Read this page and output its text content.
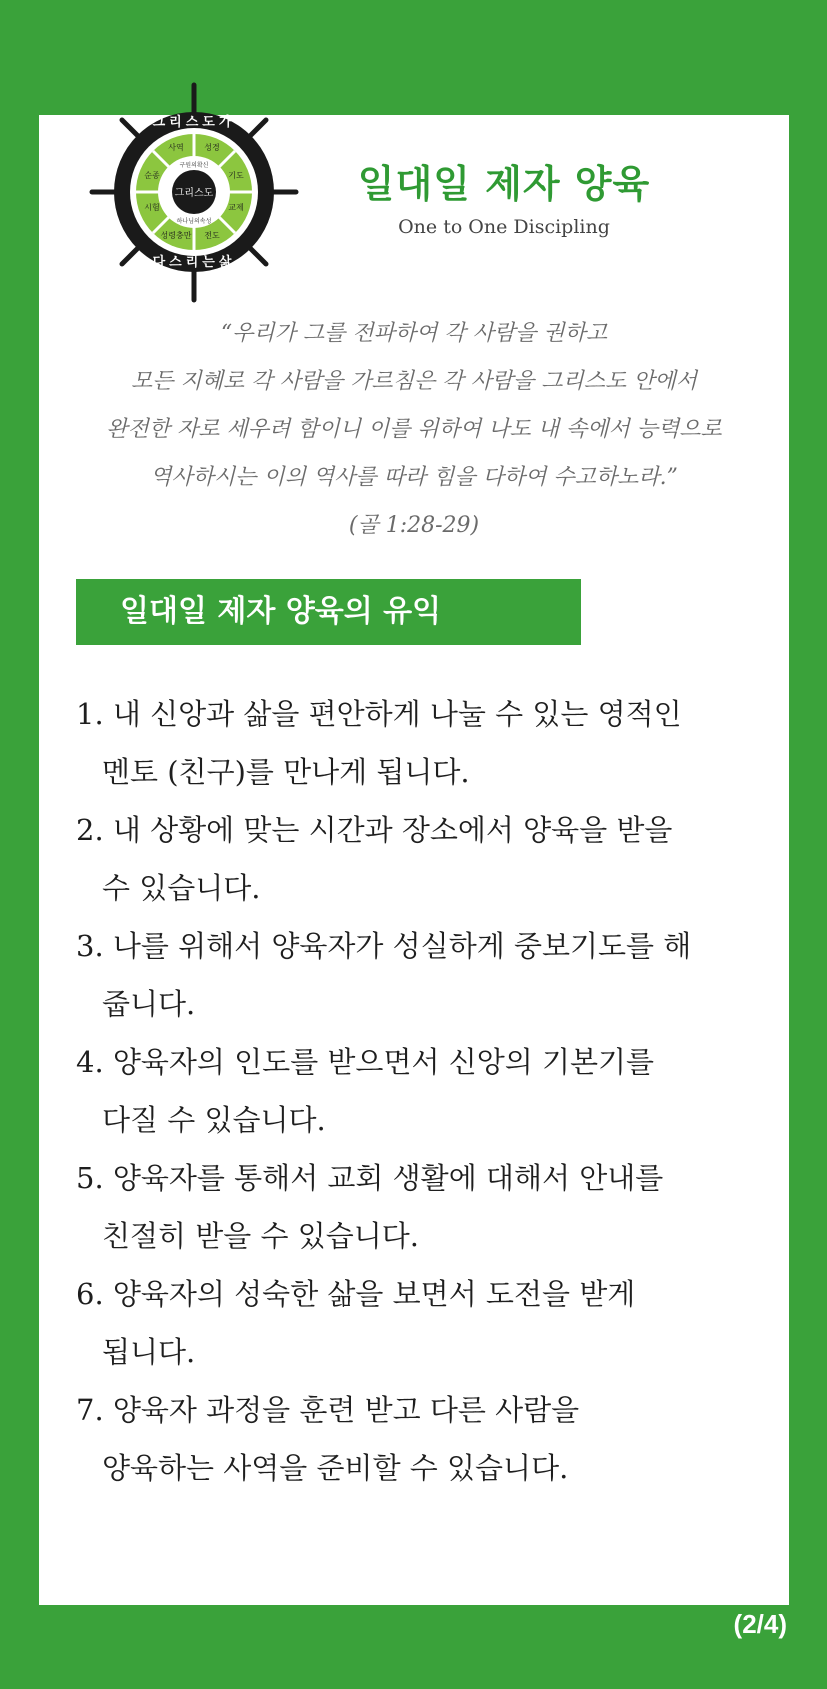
그리스도
구원의확신
하나님의속성
사역	성경
기도
교제
전도
성령충만
시험
순종
그리스도가
다스리는삶
일대일 제자 양육
One to One Discipling
“우리가 그를 전파하여 각 사람을 권하고
모든 지혜로 각 사람을 가르침은 각 사람을 그리스도 안에서
완전한 자로 세우려 함이니 이를 위하여 나도 내 속에서 능력으로
역사하시는 이의 역사를 따라 힘을 다하여 수고하노라.”
(골 1:28-29)
일대일 제자 양육의 유익
1. 내 신앙과 삶을 편안하게 나눌 수 있는 영적인
멘토 (친구)를 만나게 됩니다.
2. 내 상황에 맞는 시간과 장소에서 양육을 받을
수 있습니다.
3. 나를 위해서 양육자가 성실하게 중보기도를 해
줍니다.
4. 양육자의 인도를 받으면서 신앙의 기본기를
다질 수 있습니다.
5. 양육자를 통해서 교회 생활에 대해서 안내를
친절히 받을 수 있습니다.
6. 양육자의 성숙한 삶을 보면서 도전을 받게
됩니다.
7. 양육자 과정을 훈련 받고 다른 사람을
양육하는 사역을 준비할 수 있습니다.
(2/4)
